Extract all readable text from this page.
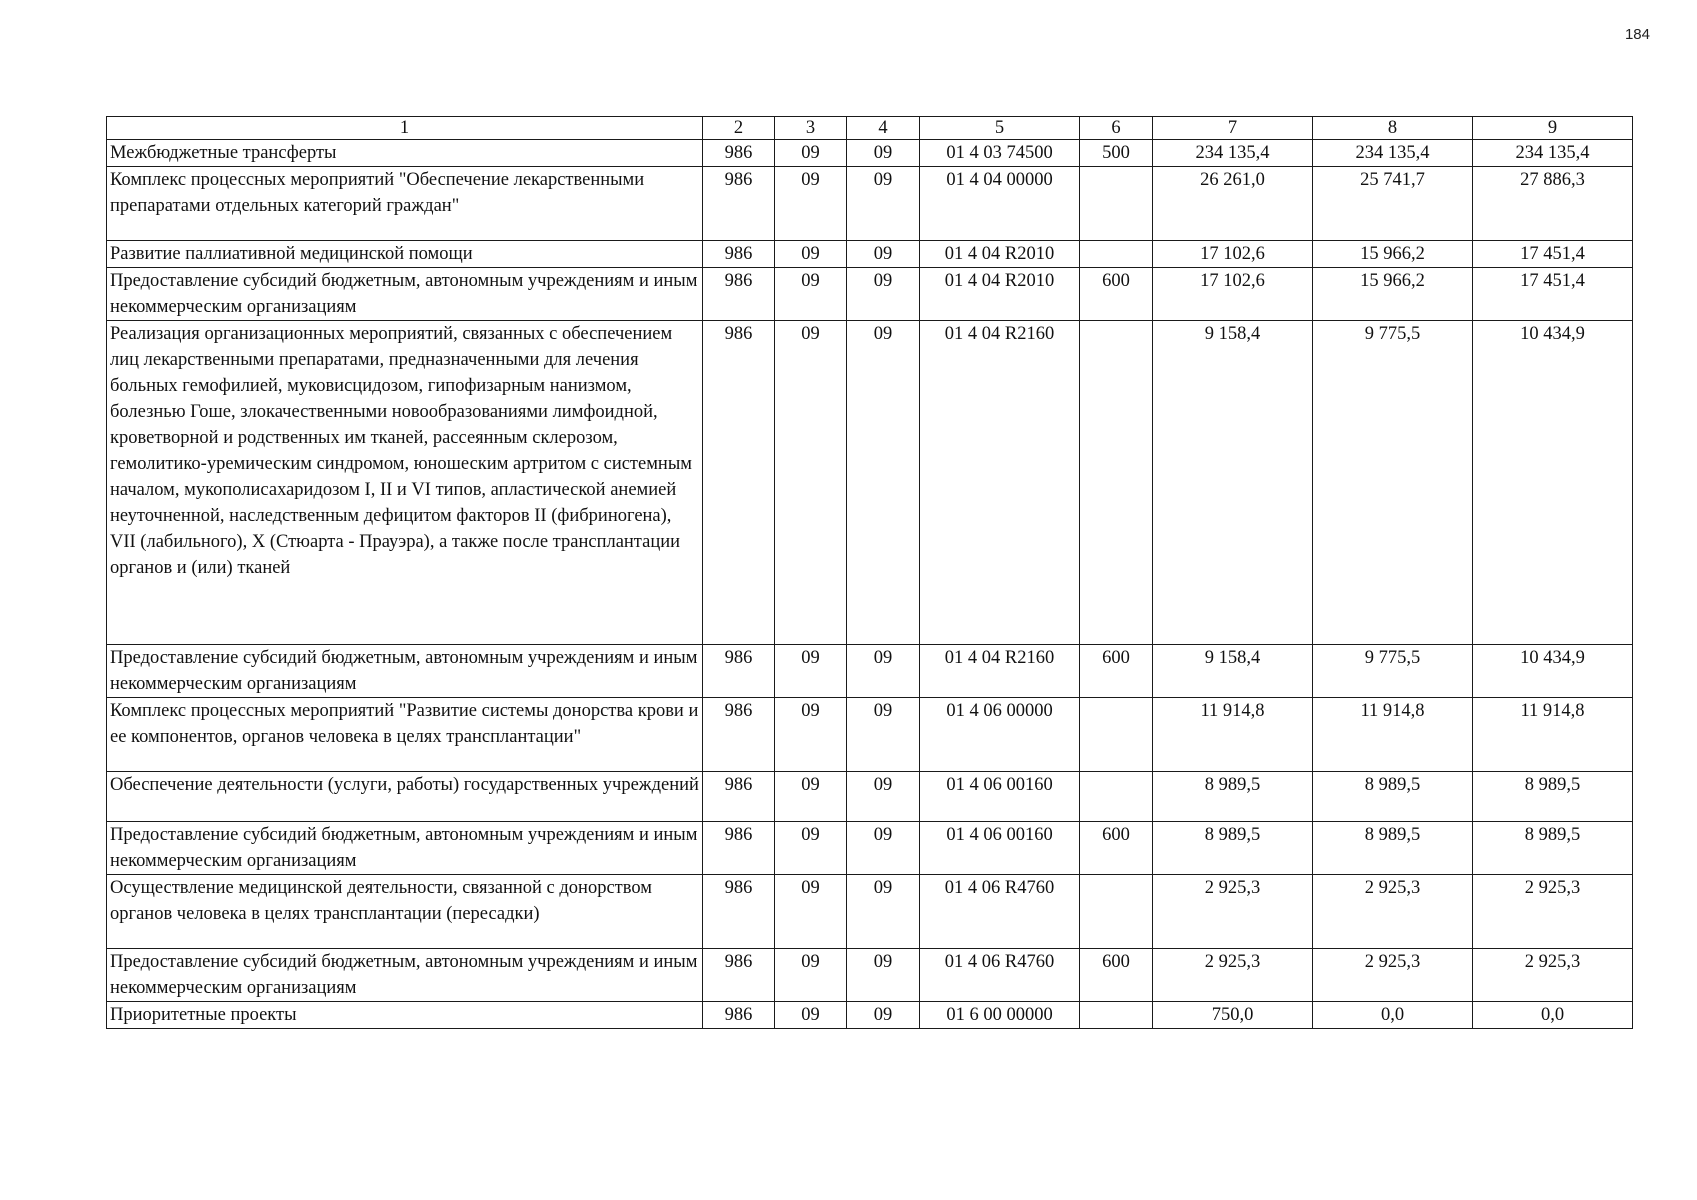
184
1	2	3	4	5	6	7	8	9
Межбюджетные трансферты	986	09	09	01 4 03 74500	500	234 135,4	234 135,4	234 135,4
Комплекс процессных мероприятий "Обеспечение лекарственными препаратами отдельных категорий граждан"	986	09	09	01 4 04 00000		26 261,0	25 741,7	27 886,3
Развитие паллиативной медицинской помощи	986	09	09	01 4 04 R2010		17 102,6	15 966,2	17 451,4
Предоставление субсидий бюджетным, автономным учреждениям и иным некоммерческим организациям	986	09	09	01 4 04 R2010	600	17 102,6	15 966,2	17 451,4
Реализация организационных мероприятий, связанных с обеспечением лиц лекарственными препаратами, предназначенными для лечения больных гемофилией, муковисцидозом, гипофизарным нанизмом, болезнью Гоше, злокачественными новообразованиями лимфоидной, кроветворной и родственных им тканей, рассеянным склерозом, гемолитико-уремическим синдромом, юношеским артритом с системным началом, мукополисахаридозом I, II и VI типов, апластической анемией неуточненной, наследственным дефицитом факторов II (фибриногена), VII (лабильного), X (Стюарта - Прауэра), а также после трансплантации органов и (или) тканей	986	09	09	01 4 04 R2160		9 158,4	9 775,5	10 434,9
Предоставление субсидий бюджетным, автономным учреждениям и иным некоммерческим организациям	986	09	09	01 4 04 R2160	600	9 158,4	9 775,5	10 434,9
Комплекс процессных мероприятий "Развитие системы донорства крови и ее компонентов, органов человека в целях трансплантации"	986	09	09	01 4 06 00000		11 914,8	11 914,8	11 914,8
Обеспечение деятельности (услуги, работы) государственных учреждений	986	09	09	01 4 06 00160		8 989,5	8 989,5	8 989,5
Предоставление субсидий бюджетным, автономным учреждениям и иным некоммерческим организациям	986	09	09	01 4 06 00160	600	8 989,5	8 989,5	8 989,5
Осуществление медицинской деятельности, связанной с донорством органов человека в целях трансплантации (пересадки)	986	09	09	01 4 06 R4760		2 925,3	2 925,3	2 925,3
Предоставление субсидий бюджетным, автономным учреждениям и иным некоммерческим организациям	986	09	09	01 4 06 R4760	600	2 925,3	2 925,3	2 925,3
Приоритетные проекты	986	09	09	01 6 00 00000		750,0	0,0	0,0
